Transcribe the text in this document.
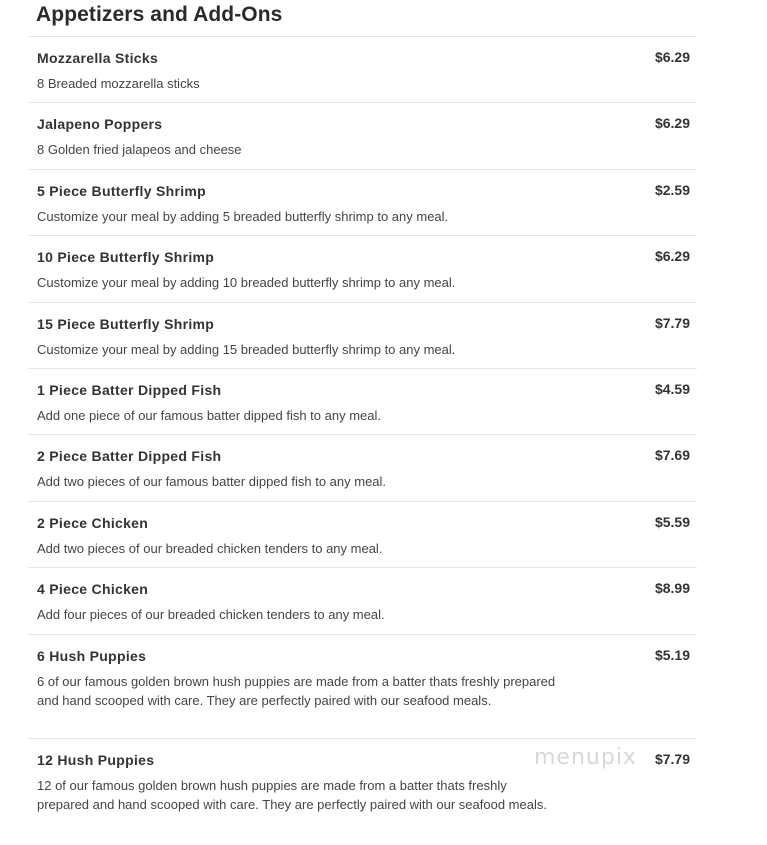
Appetizers and Add-Ons
Mozzarella Sticks	$6.29
8 Breaded mozzarella sticks
Jalapeno Poppers	$6.29
8 Golden fried jalapeos and cheese
5 Piece Butterfly Shrimp	$2.59
Customize your meal by adding 5 breaded butterfly shrimp to any meal.
10 Piece Butterfly Shrimp	$6.29
Customize your meal by adding 10 breaded butterfly shrimp to any meal.
15 Piece Butterfly Shrimp	$7.79
Customize your meal by adding 15 breaded butterfly shrimp to any meal.
1 Piece Batter Dipped Fish	$4.59
Add one piece of our famous batter dipped fish to any meal.
2 Piece Batter Dipped Fish	$7.69
Add two pieces of our famous batter dipped fish to any meal.
2 Piece Chicken	$5.59
Add two pieces of our breaded chicken tenders to any meal.
4 Piece Chicken	$8.99
Add four pieces of our breaded chicken tenders to any meal.
6 Hush Puppies	$5.19
6 of our famous golden brown hush puppies are made from a batter thats freshly prepared and hand scooped with care. They are perfectly paired with our seafood meals.
12 Hush Puppies	$7.79
12 of our famous golden brown hush puppies are made from a batter thats freshly prepared and hand scooped with care. They are perfectly paired with our seafood meals.
menupix
